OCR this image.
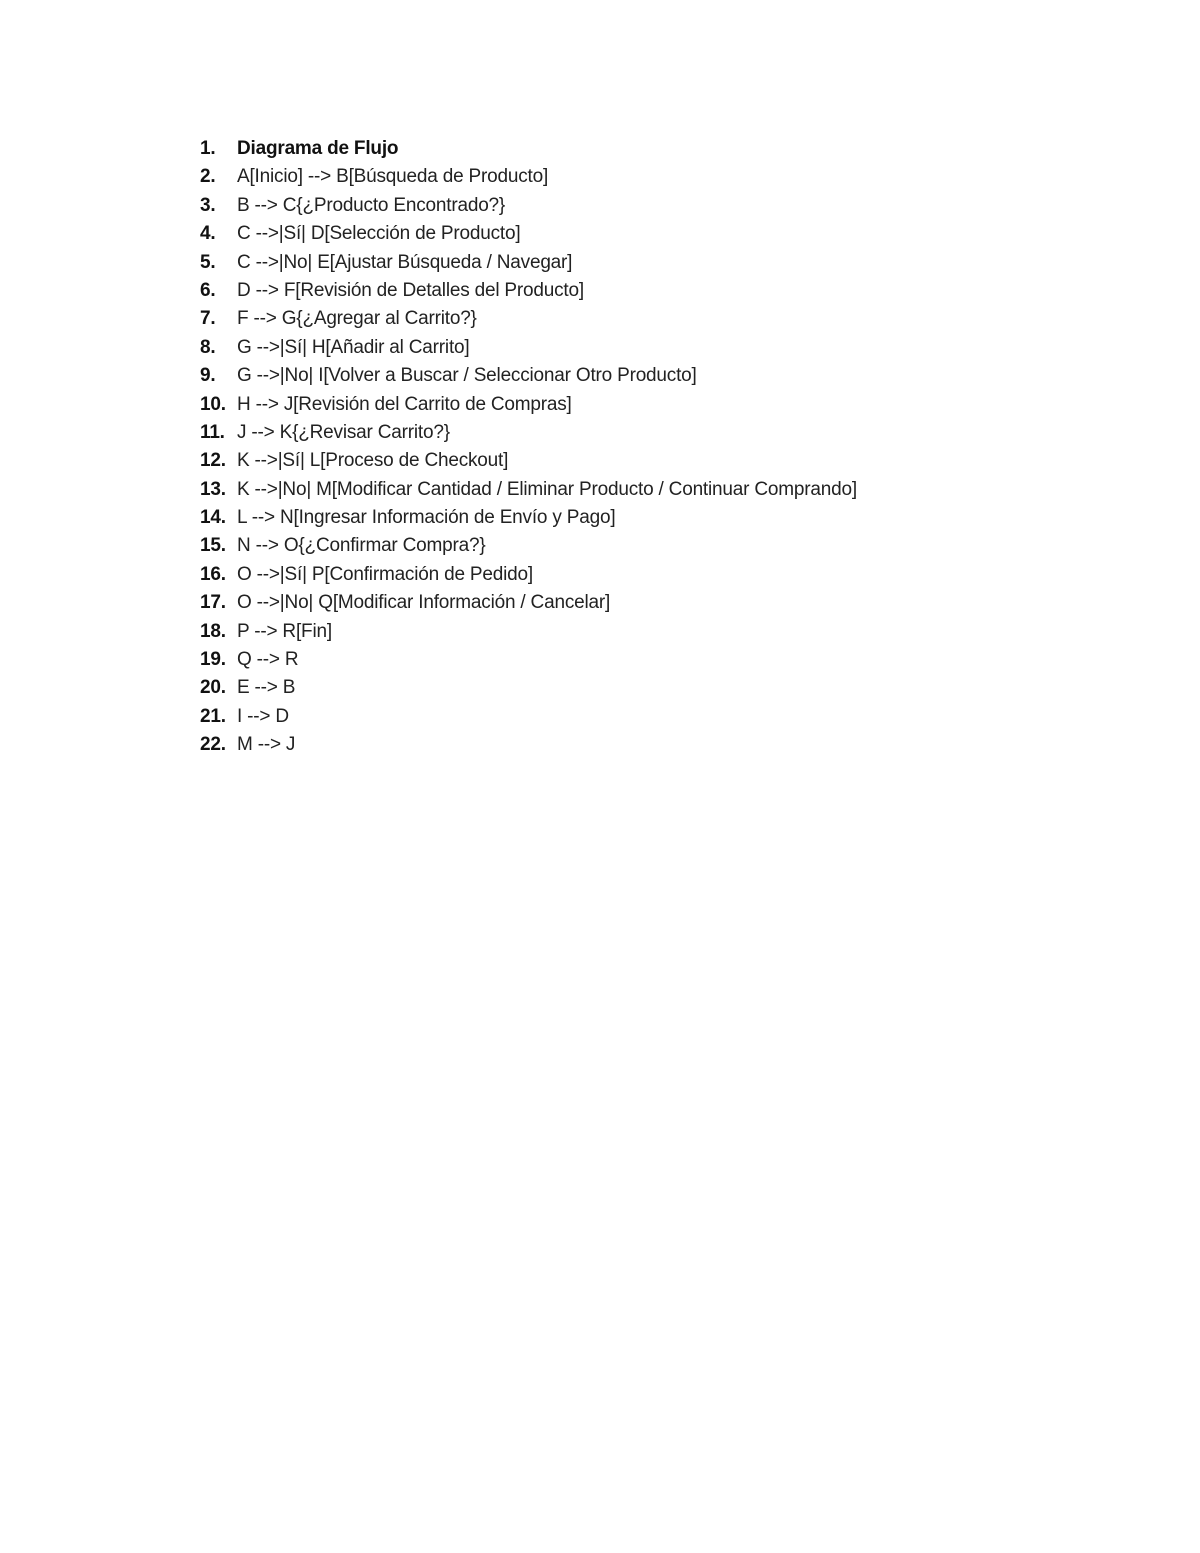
1.	Diagrama de Flujo
2.	A[Inicio] --> B[Búsqueda de Producto]
3.	B --> C{¿Producto Encontrado?}
4.	C -->|Sí| D[Selección de Producto]
5.	C -->|No| E[Ajustar Búsqueda / Navegar]
6.	D --> F[Revisión de Detalles del Producto]
7.	F --> G{¿Agregar al Carrito?}
8.	G -->|Sí| H[Añadir al Carrito]
9.	G -->|No| I[Volver a Buscar / Seleccionar Otro Producto]
10. H --> J[Revisión del Carrito de Compras]
11. J --> K{¿Revisar Carrito?}
12. K -->|Sí| L[Proceso de Checkout]
13. K -->|No| M[Modificar Cantidad / Eliminar Producto / Continuar Comprando]
14. L --> N[Ingresar Información de Envío y Pago]
15. N --> O{¿Confirmar Compra?}
16. O -->|Sí| P[Confirmación de Pedido]
17. O -->|No| Q[Modificar Información / Cancelar]
18. P --> R[Fin]
19. Q --> R
20. E --> B
21. I --> D
22. M --> J
